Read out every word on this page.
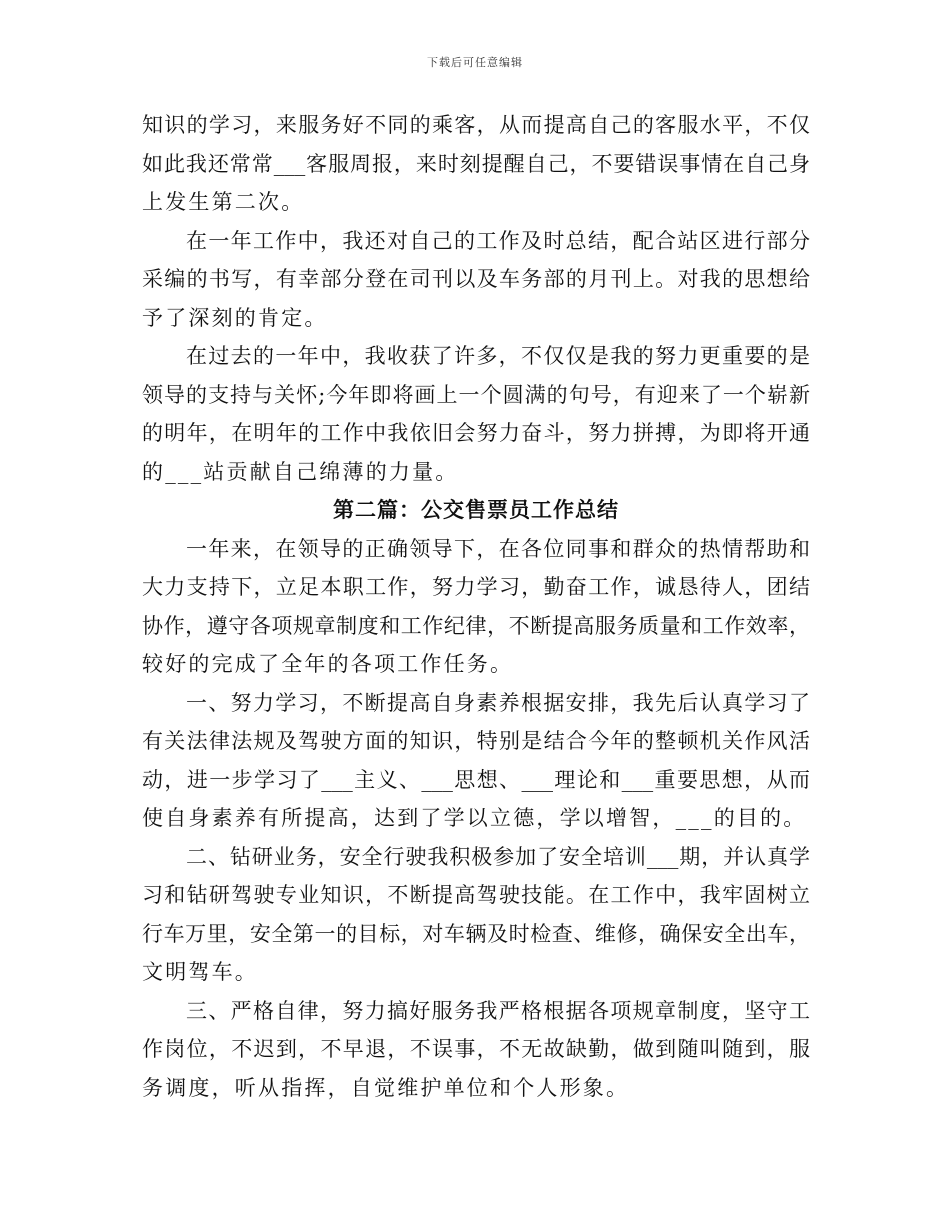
下载后可任意编辑
知识的学习，来服务好不同的乘客，从而提高自己的客服水平，不仅
如此我还常常___客服周报，来时刻提醒自己，不要错误事情在自己身
上发生第二次。
在一年工作中，我还对自己的工作及时总结，配合站区进行部分
采编的书写，有幸部分登在司刊以及车务部的月刊上。对我的思想给
予了深刻的肯定。
在过去的一年中，我收获了许多，不仅仅是我的努力更重要的是
领导的支持与关怀;今年即将画上一个圆满的句号，有迎来了一个崭新
的明年，在明年的工作中我依旧会努力奋斗，努力拼搏，为即将开通
的___站贡献自己绵薄的力量。
第二篇：公交售票员工作总结
一年来，在领导的正确领导下，在各位同事和群众的热情帮助和
大力支持下，立足本职工作，努力学习，勤奋工作，诚恳待人，团结
协作，遵守各项规章制度和工作纪律，不断提高服务质量和工作效率，
较好的完成了全年的各项工作任务。
一、努力学习，不断提高自身素养根据安排，我先后认真学习了
有关法律法规及驾驶方面的知识，特别是结合今年的整顿机关作风活
动，进一步学习了___主义、___思想、___理论和___重要思想，从而
使自身素养有所提高，达到了学以立德，学以增智，___的目的。
二、钻研业务，安全行驶我积极参加了安全培训___期，并认真学
习和钻研驾驶专业知识，不断提高驾驶技能。在工作中，我牢固树立
行车万里，安全第一的目标，对车辆及时检查、维修，确保安全出车，
文明驾车。
三、严格自律，努力搞好服务我严格根据各项规章制度，坚守工
作岗位，不迟到，不早退，不误事，不无故缺勤，做到随叫随到，服
务调度，听从指挥，自觉维护单位和个人形象。
